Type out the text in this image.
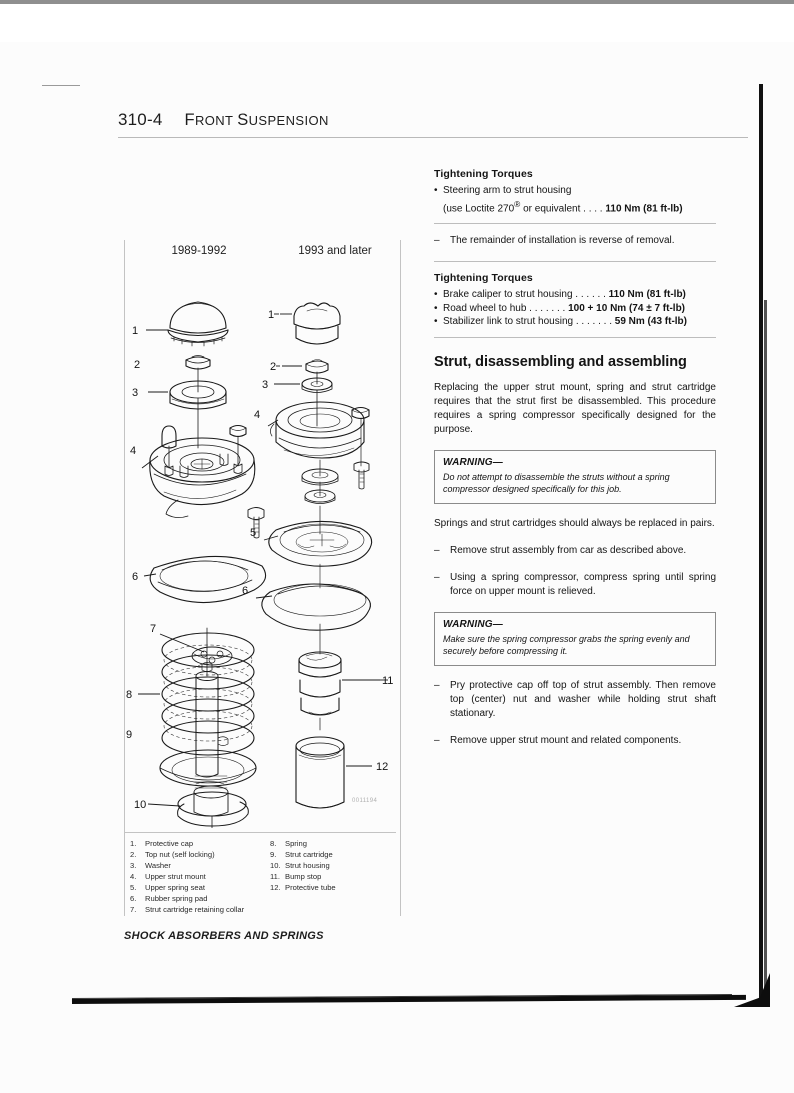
310-4 FRONT SUSPENSION
1989-1992	1993 and later
1
2
3
4
6
7
8
9
10
1
2
3
4
5
6
11
12
0011194
1.	Protective cap
2.	Top nut (self locking)
3.	Washer
4.	Upper strut mount
5.	Upper spring seat
6.	Rubber spring pad
7.	Strut cartridge retaining collar
8.	Spring
9.	Strut cartridge
10. Strut housing
11. Bump stop
12. Protective tube
Tightening Torques
• Steering arm to strut housing
(use Loctite 270® or equivalent . . . . 110 Nm (81 ft-lb)
– The remainder of installation is reverse of removal.
Tightening Torques
• Brake caliper to strut housing . . . . . . 110 Nm (81 ft-lb)
• Road wheel to hub . . . . . . . 100 + 10 Nm (74 ± 7 ft-lb)
• Stabilizer link to strut housing . . . . . . . 59 Nm (43 ft-lb)
Strut, disassembling and assembling
Replacing the upper strut mount, spring and strut cartridge requires that the strut first be disassembled. This procedure requires a spring compressor specifically designed for the purpose.
WARNING—
Do not attempt to disassemble the struts without a spring compressor designed specifically for this job.
Springs and strut cartridges should always be replaced in pairs.
– Remove strut assembly from car as described above.
– Using a spring compressor, compress spring until spring force on upper mount is relieved.
WARNING—
Make sure the spring compressor grabs the spring evenly and securely before compressing it.
– Pry protective cap off top of strut assembly. Then remove top (center) nut and washer while holding strut shaft stationary.
– Remove upper strut mount and related components.
SHOCK ABSORBERS AND SPRINGS
